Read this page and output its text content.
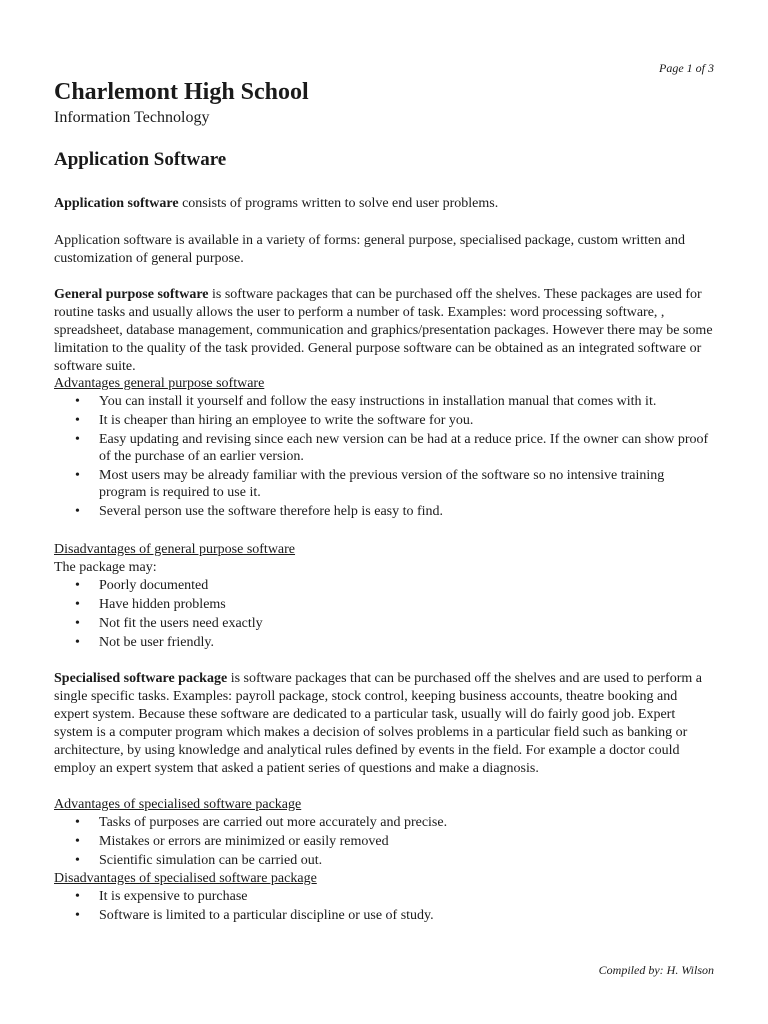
Page 1 of 3
Charlemont High School
Information Technology
Application Software

Application software consists of programs written to solve end user problems.

Application software is available in a variety of forms: general purpose, specialised package, custom written and customization of general purpose.

General purpose software is software packages that can be purchased off the shelves. These packages are used for routine tasks and usually allows the user to perform a number of task. Examples: word processing software, , spreadsheet, database management, communication and graphics/presentation packages. However there may be some limitation to the quality of the task provided. General purpose software can be obtained as an integrated software or software suite.

Advantages general purpose software

• You can install it yourself and follow the easy instructions in installation manual that comes with it.
• It is cheaper than hiring an employee to write the software for you.
• Easy updating and revising since each new version can be had at a reduce price. If the owner can show proof of the purchase of an earlier version.
• Most users may be already familiar with the previous version of the software so no intensive training program is required to use it.
• Several person use the software therefore help is easy to find.

Disadvantages of general purpose software

The package may:

• Poorly documented
• Have hidden problems
• Not fit the users need exactly
• Not be user friendly.

Specialised software package is software packages that can be purchased off the shelves and are used to perform a single specific tasks. Examples: payroll package, stock control, keeping business accounts, theatre booking and expert system. Because these software are dedicated to a particular task, usually will do fairly good job. Expert system is a computer program which makes a decision of solves problems in a particular field such as banking or architecture, by using knowledge and analytical rules defined by events in the field. For example a doctor could employ an expert system that asked a patient series of questions and make a diagnosis.

Advantages of specialised software package

• Tasks of purposes are carried out more accurately and precise.
• Mistakes or errors are minimized or easily removed
• Scientific simulation can be carried out.

Disadvantages of specialised software package

• It is expensive to purchase
• Software is limited to a particular discipline or use of study.
Compiled by: H. Wilson
